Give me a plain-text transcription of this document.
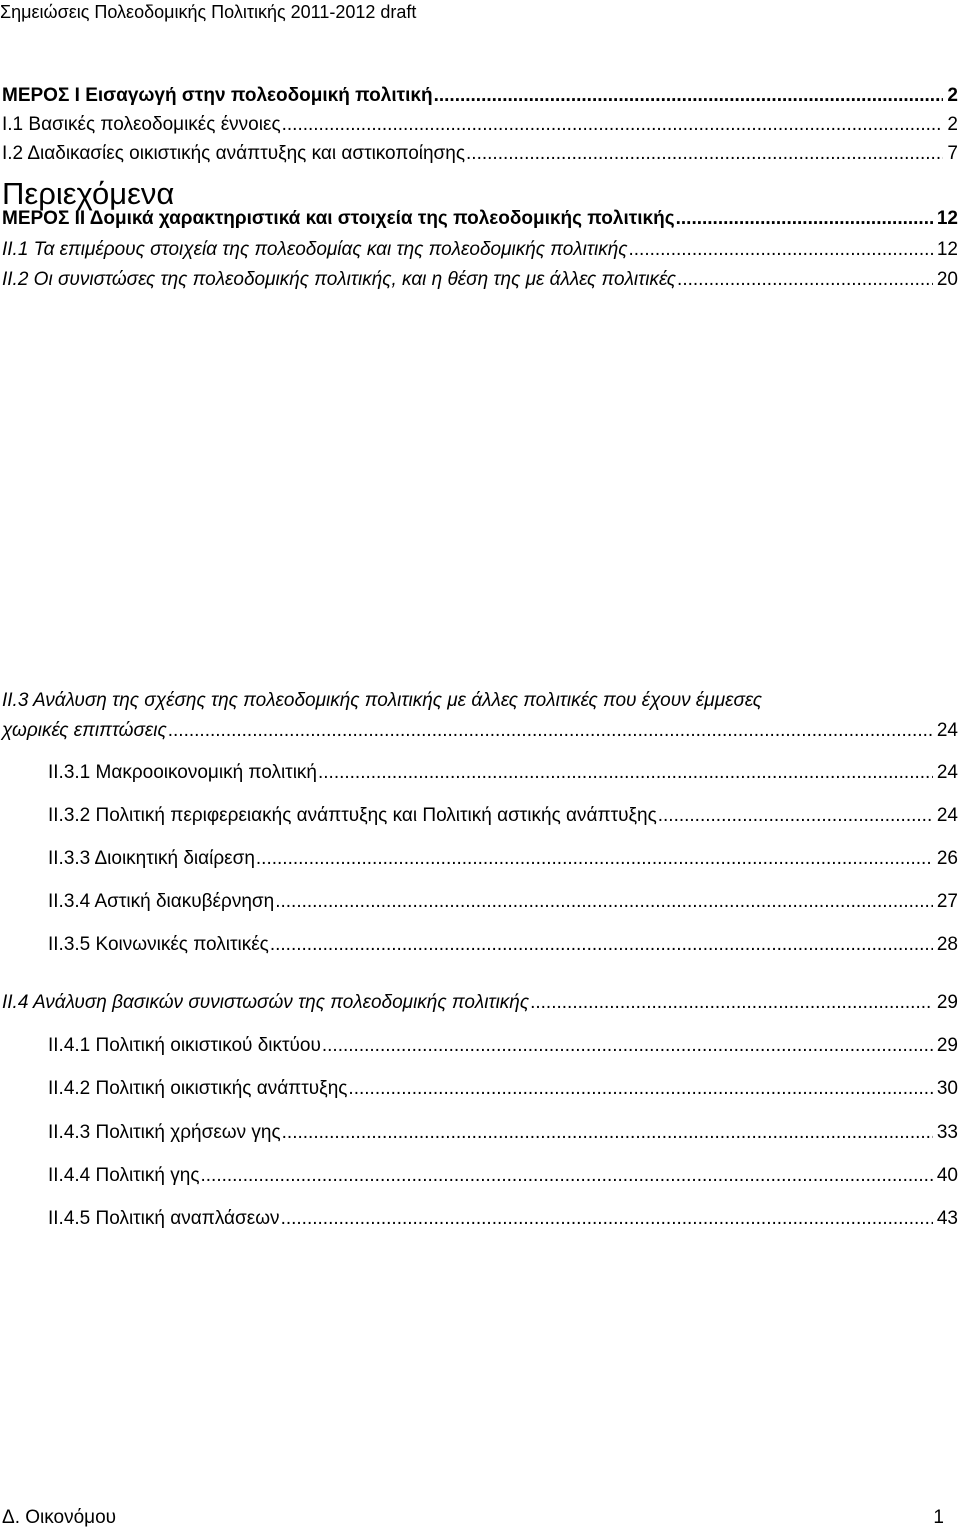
Σημειώσεις Πολεοδομικής Πολιτικής 2011-2012 draft
Περιεχόμενα
ΜΕΡΟΣ Ι Εισαγωγή στην πολεοδομική πολιτική .....	2
Ι.1 Βασικές πολεοδομικές έννοιες .....	2
Ι.2 Διαδικασίες οικιστικής ανάπτυξης και αστικοποίησης .....	7
ΜΕΡΟΣ ΙΙ Δομικά χαρακτηριστικά και στοιχεία της πολεοδομικής πολιτικής .....	12
ΙΙ.1 Τα επιμέρους στοιχεία της πολεοδομίας και της πολεοδομικής πολιτικής .....	12
ΙΙ.2 Οι συνιστώσες της πολεοδομικής πολιτικής, και η θέση της με άλλες πολιτικές .....	20
ΙΙ.3 Ανάλυση της σχέσης της πολεοδομικής πολιτικής με άλλες πολιτικές που έχουν έμμεσες
χωρικές επιπτώσεις .....	24
ΙΙ.3.1 Μακροοικονομική πολιτική .....	24
ΙΙ.3.2 Πολιτική περιφερειακής ανάπτυξης και Πολιτική αστικής ανάπτυξης .....	24
ΙΙ.3.3 Διοικητική διαίρεση .....	26
ΙΙ.3.4 Αστική διακυβέρνηση .....	27
ΙΙ.3.5 Κοινωνικές πολιτικές .....	28
ΙΙ.4 Ανάλυση βασικών συνιστωσών της πολεοδομικής πολιτικής .....	29
ΙΙ.4.1 Πολιτική οικιστικού δικτύου .....	29
ΙΙ.4.2 Πολιτική οικιστικής ανάπτυξης .....	30
ΙΙ.4.3 Πολιτική χρήσεων γης .....	33
ΙΙ.4.4 Πολιτική γης .....	40
ΙΙ.4.5 Πολιτική αναπλάσεων .....	43
Δ. Οικονόμου	1
